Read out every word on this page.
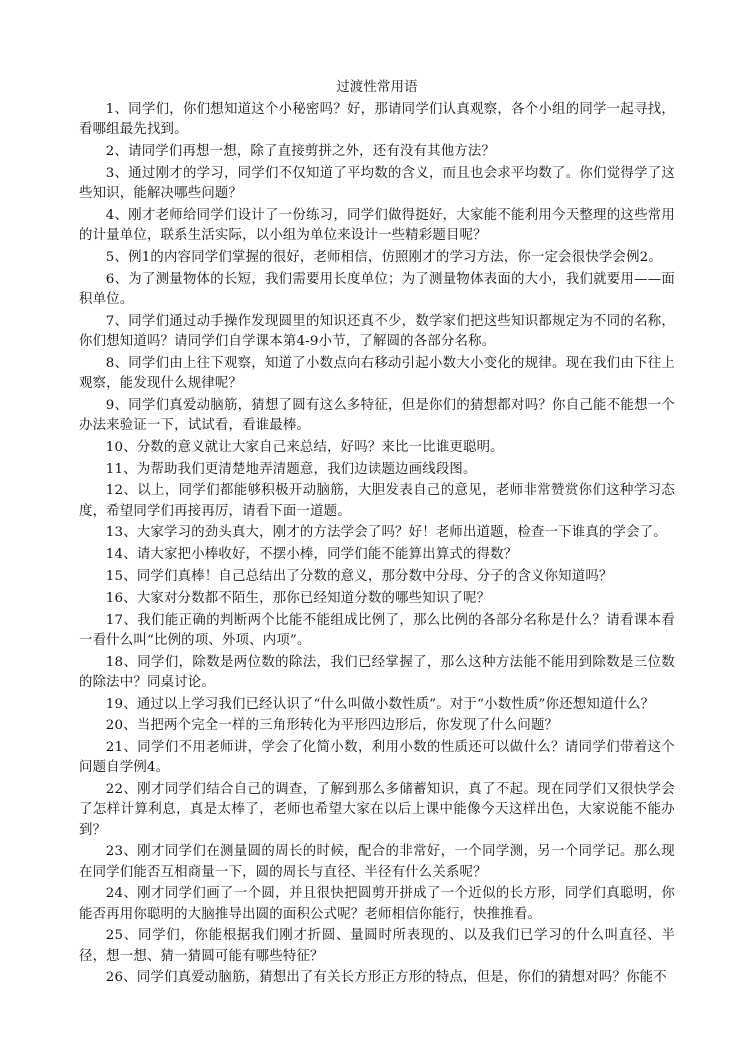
过渡性常用语

1、同学们，你们想知道这个小秘密吗？好，那请同学们认真观察，各个小组的同学一起寻找，看哪组最先找到。

2、请同学们再想一想，除了直接剪拼之外，还有没有其他方法？

3、通过刚才的学习，同学们不仅知道了平均数的含义，而且也会求平均数了。你们觉得学了这些知识，能解决哪些问题？

4、刚才老师给同学们设计了一份练习，同学们做得挺好，大家能不能利用今天整理的这些常用的计量单位，联系生活实际，以小组为单位来设计一些精彩题目呢？

5、例1的内容同学们掌握的很好，老师相信，仿照刚才的学习方法，你一定会很快学会例2。

6、为了测量物体的长短，我们需要用长度单位；为了测量物体表面的大小，我们就要用——面积单位。

7、同学们通过动手操作发现圆里的知识还真不少，数学家们把这些知识都规定为不同的名称，你们想知道吗？请同学们自学课本第4-9小节，了解圆的各部分名称。

8、同学们由上往下观察，知道了小数点向右移动引起小数大小变化的规律。现在我们由下往上观察，能发现什么规律呢？

9、同学们真爱动脑筋，猜想了圆有这么多特征，但是你们的猜想都对吗？你自己能不能想一个办法来验证一下，试试看，看谁最棒。

10、分数的意义就让大家自己来总结，好吗？来比一比谁更聪明。

11、为帮助我们更清楚地弄清题意，我们边读题边画线段图。

12、以上，同学们都能够积极开动脑筋，大胆发表自己的意见，老师非常赞赏你们这种学习态度，希望同学们再接再厉，请看下面一道题。

13、大家学习的劲头真大，刚才的方法学会了吗？好！老师出道题，检查一下谁真的学会了。

14、请大家把小棒收好，不摆小棒，同学们能不能算出算式的得数？

15、同学们真棒！自己总结出了分数的意义，那分数中分母、分子的含义你知道吗？

16、大家对分数都不陌生，那你已经知道分数的哪些知识了呢？

17、我们能正确的判断两个比能不能组成比例了，那么比例的各部分名称是什么？请看课本看一看什么叫“比例的项、外项、内项”。

18、同学们，除数是两位数的除法，我们已经掌握了，那么这种方法能不能用到除数是三位数的除法中？同桌讨论。

19、通过以上学习我们已经认识了“什么叫做小数性质”。对于“小数性质”你还想知道什么？

20、当把两个完全一样的三角形转化为平形四边形后，你发现了什么问题？

21、同学们不用老师讲，学会了化简小数，利用小数的性质还可以做什么？请同学们带着这个问题自学例4。

22、刚才同学们结合自己的调查，了解到那么多储蓄知识，真了不起。现在同学们又很快学会了怎样计算利息，真是太棒了，老师也希望大家在以后上课中能像今天这样出色，大家说能不能办到？

23、刚才同学们在测量圆的周长的时候，配合的非常好，一个同学测，另一个同学记。那么现在同学们能否互相商量一下，圆的周长与直径、半径有什么关系呢？

24、刚才同学们画了一个圆，并且很快把圆剪开拼成了一个近似的长方形，同学们真聪明，你能否再用你聪明的大脑推导出圆的面积公式呢？老师相信你能行，快推推看。

25、同学们，你能根据我们刚才折圆、量圆时所表现的、以及我们已学习的什么叫直径、半径，想一想、猜一猜圆可能有哪些特征？

26、同学们真爱动脑筋，猜想出了有关长方形正方形的特点，但是，你们的猜想对吗？你能不
